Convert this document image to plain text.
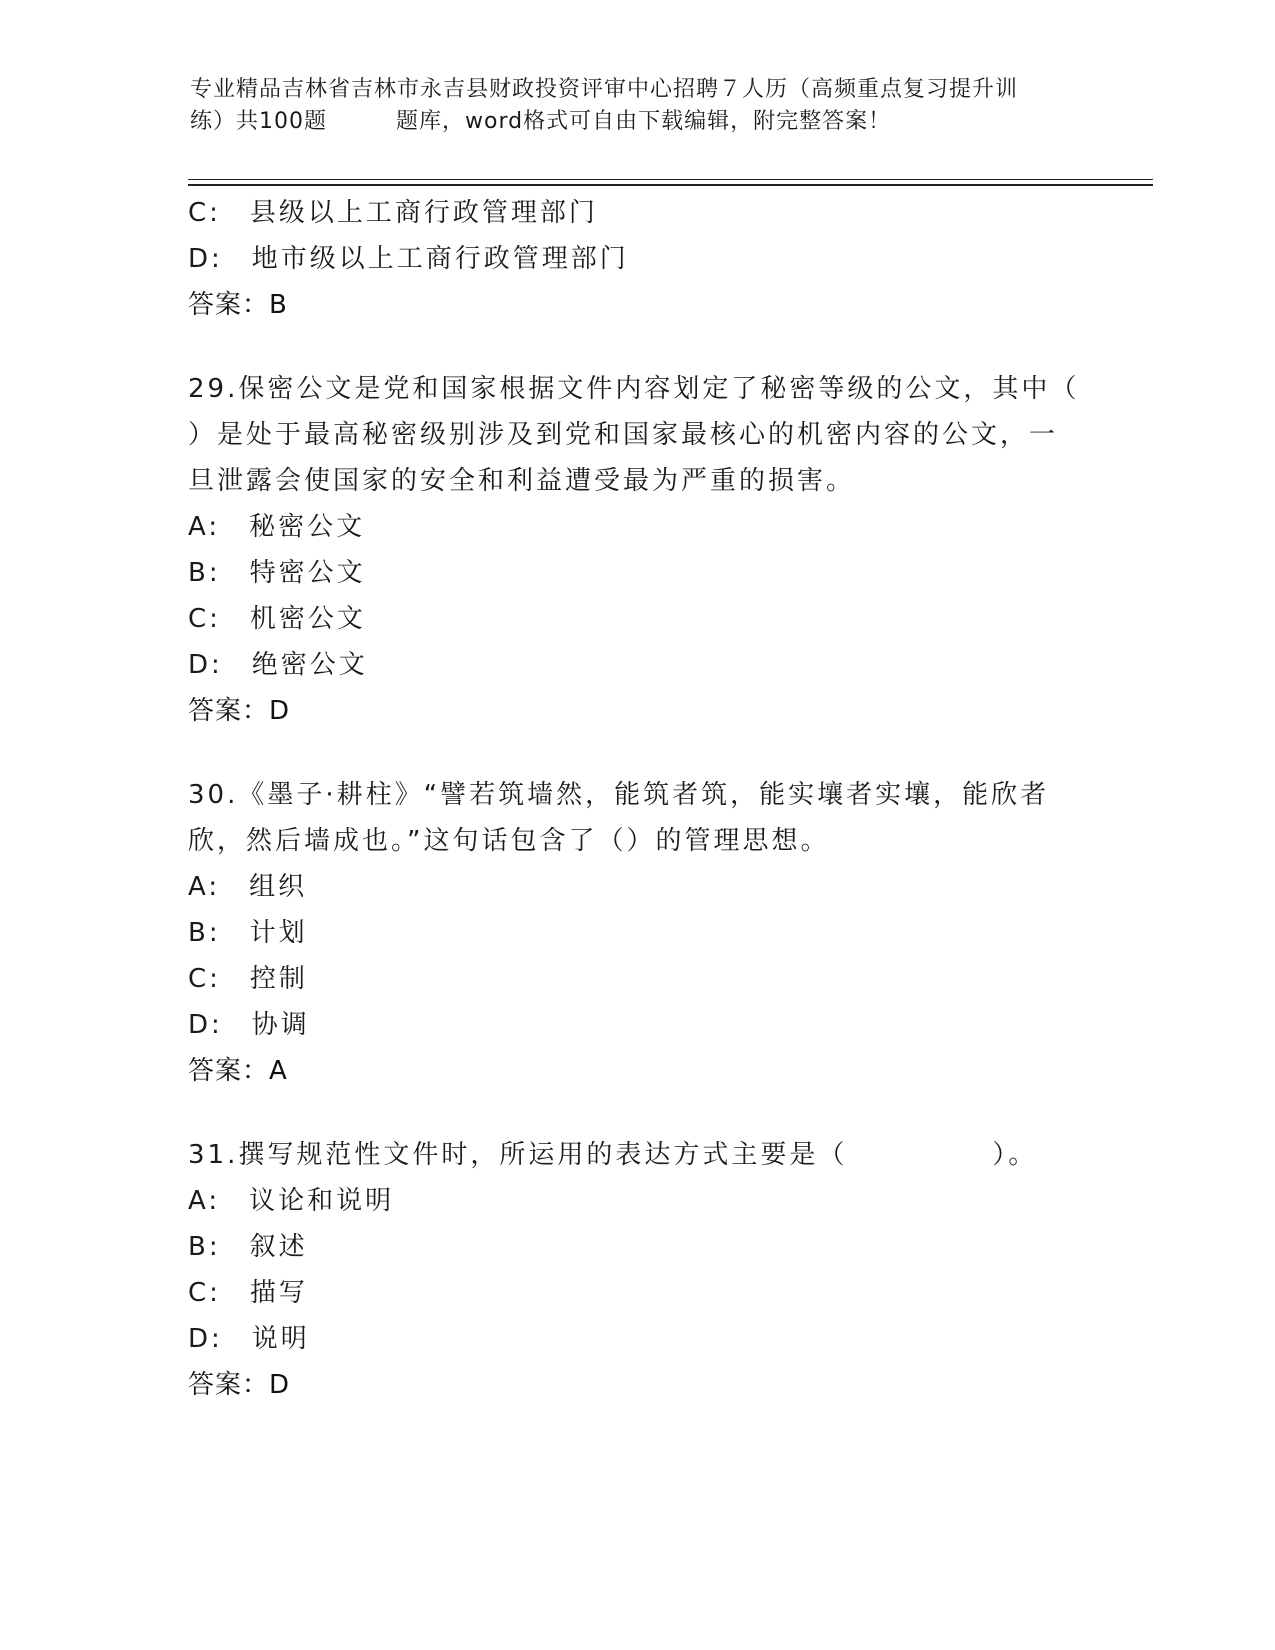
专业精品吉林省吉林市永吉县财政投资评审中心招聘７人历（高频重点复习提升训
练）共100题　　　题库，word格式可自由下载编辑，附完整答案！
C:　县级以上工商行政管理部门
D:　地市级以上工商行政管理部门
答案：B
29.保密公文是党和国家根据文件内容划定了秘密等级的公文，其中（
）是处于最高秘密级别涉及到党和国家最核心的机密内容的公文，一
旦泄露会使国家的安全和利益遭受最为严重的损害。
A:　秘密公文
B:　特密公文
C:　机密公文
D:　绝密公文
答案：D
30.《墨子·耕柱》“譬若筑墙然，能筑者筑，能实壤者实壤，能欣者
欣，然后墙成也。”这句话包含了（）的管理思想。
A:　组织
B:　计划
C:　控制
D:　协调
答案：A
31.撰写规范性文件时，所运用的表达方式主要是（　　　　　）。
A:　议论和说明
B:　叙述
C:　描写
D:　说明
答案：D
